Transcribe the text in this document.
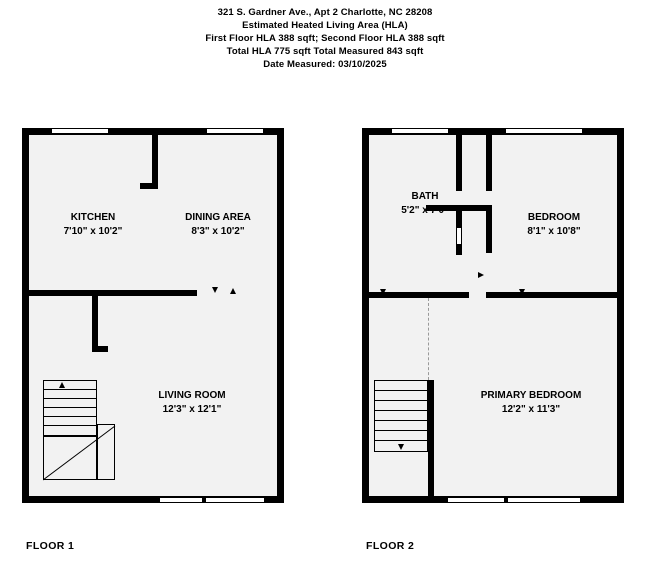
321 S. Gardner Ave., Apt 2 Charlotte, NC 28208
Estimated Heated Living Area (HLA)
First Floor HLA 388 sqft; Second Floor HLA 388 sqft
Total HLA 775 sqft Total Measured 843 sqft
Date Measured: 03/10/2025
KITCHEN
7'10" x 10'2"
DINING AREA
8'3" x 10'2"
LIVING ROOM
12'3" x 12'1"
FLOOR 1
BATH
5'2" x 7'0"
BEDROOM
8'1" x 10'8"
PRIMARY BEDROOM
12'2" x 11'3"
FLOOR 2
